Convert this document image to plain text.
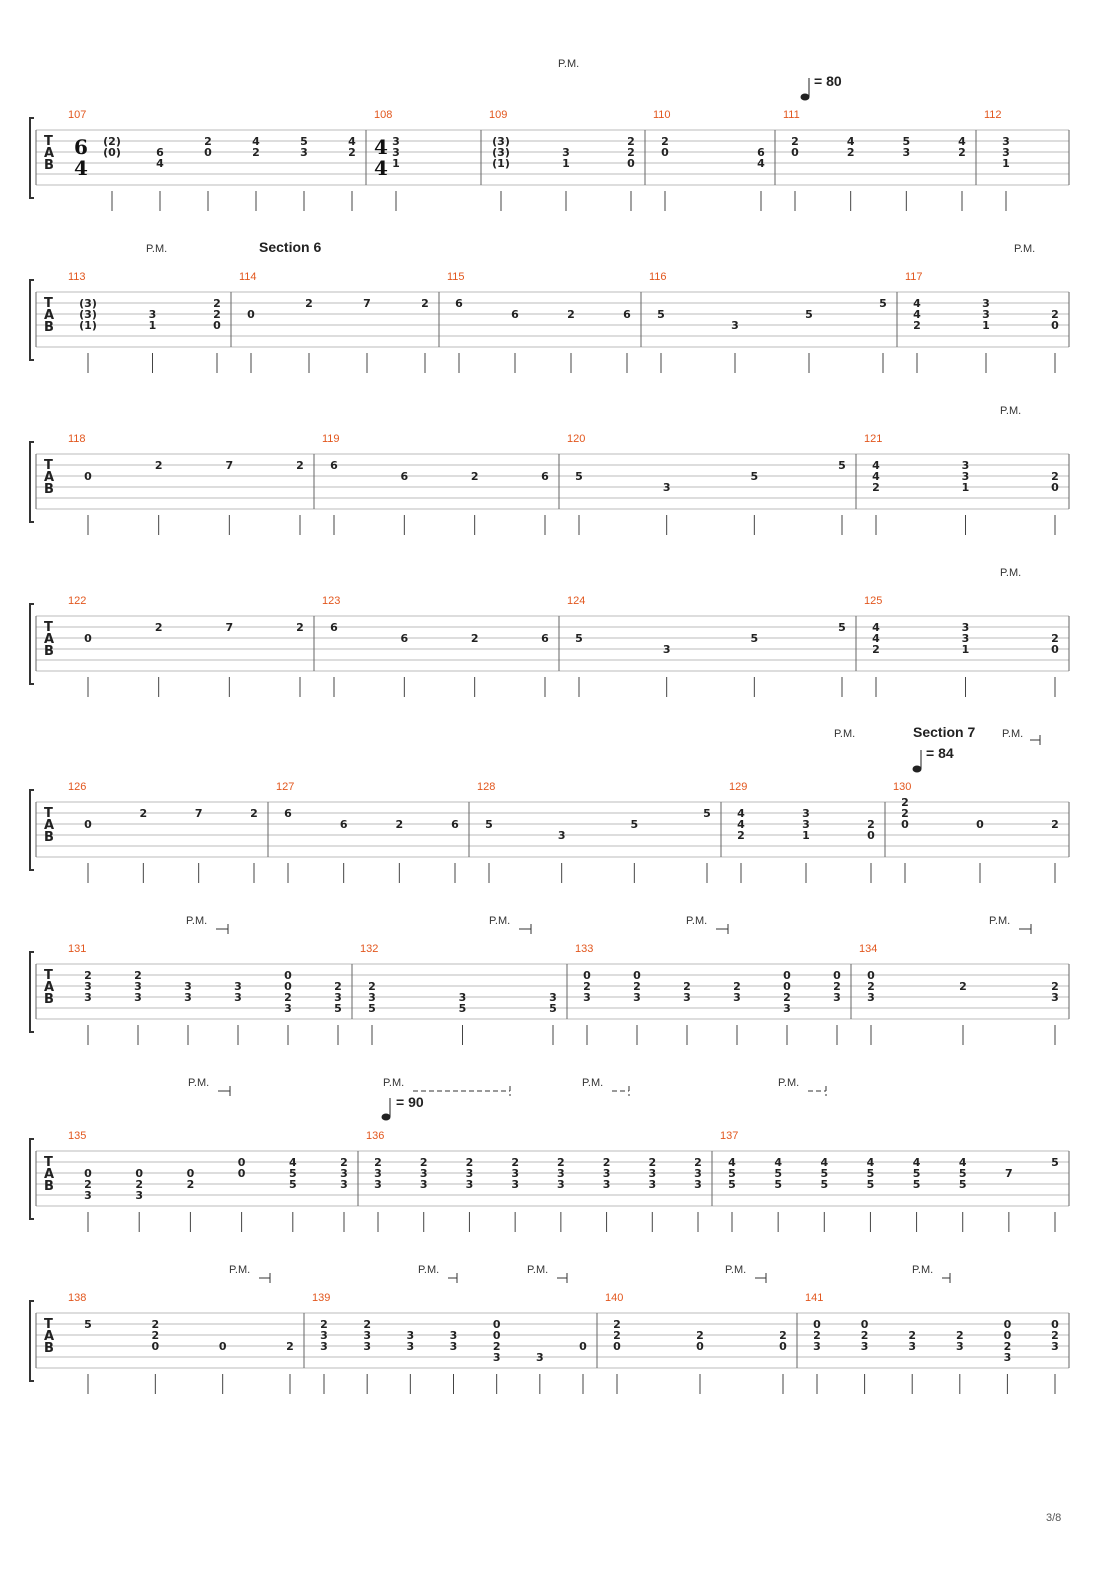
P.M.
= 80
P.M.	Section 6	P.M.
P.M.
P.M.
P.M.	Section 7 P.M.
= 84
P.M.	P.M.	P.M.	P.M.
P.M.	P.M.
= 90
P.M.	P.M.
P.M.	P.M.	P.M.	P.M.	P.M.
T
A
B
6
4
4
4
107
(2)
(0)	6
4
2
0
4
2
5
3
4
2
108
3
3
1
109
(3)
(3)
(1)
3
1
2
2
0
110
2
0	6
4
111
2
0
4
2
5
3
4
2
112
3
3
1
T
A
B
113
(3)
(3)
(1)
3
1
2
2
0
114
0
2	7	2
115
6
6	2	6
116
5
3
5
5
117
4
4
2
3
3
1
2
0
T
A
B
118
0
2	7	2
119
6
6	2	6
120
5
3
5
5
121
4
4
2
3
3
1
2
0
T
A
B
122
0
2	7	2
123
6
6	2	6
124
5
3
5
5
125
4
4
2
3
3
1
2
0
T
A
B
126
0
2	7	2
127
6
6	2	6
128
5
3
5
5
129
4
4
2
3
3
1
2
0
130
2
2
0	0	2
T
A
B
131
2
3
3
2
3
3
3
3
3
3
0
0
2
3
2
3
5
132
2
3
5
3
5
3
5
133
0
2
3
0
2
3
2
3
2
3
0
0
2
3
0
2
3
134
0
2
3
2	2
3
T
A
B
135
0
2
3
0
2
3
0
2
0
0
4
5
5
2
3
3
136
2
3
3
2
3
3
2
3
3
2
3
3
2
3
3
2
3
3
2
3
3
2
3
3
137
4
5
5
4
5
5
4
5
5
4
5
5
4
5
5
4
5
5
7
5
T
A
B
138
5	2
2
0	0	2
139
2
3
3
2
3
3
3
3
3
3
0
0
2
3	3
0
140
2
2
0
2
0
2
0
141
0
2
3
0
2
3
2
3
2
3
0
0
2
3
0
2
3
3/8
